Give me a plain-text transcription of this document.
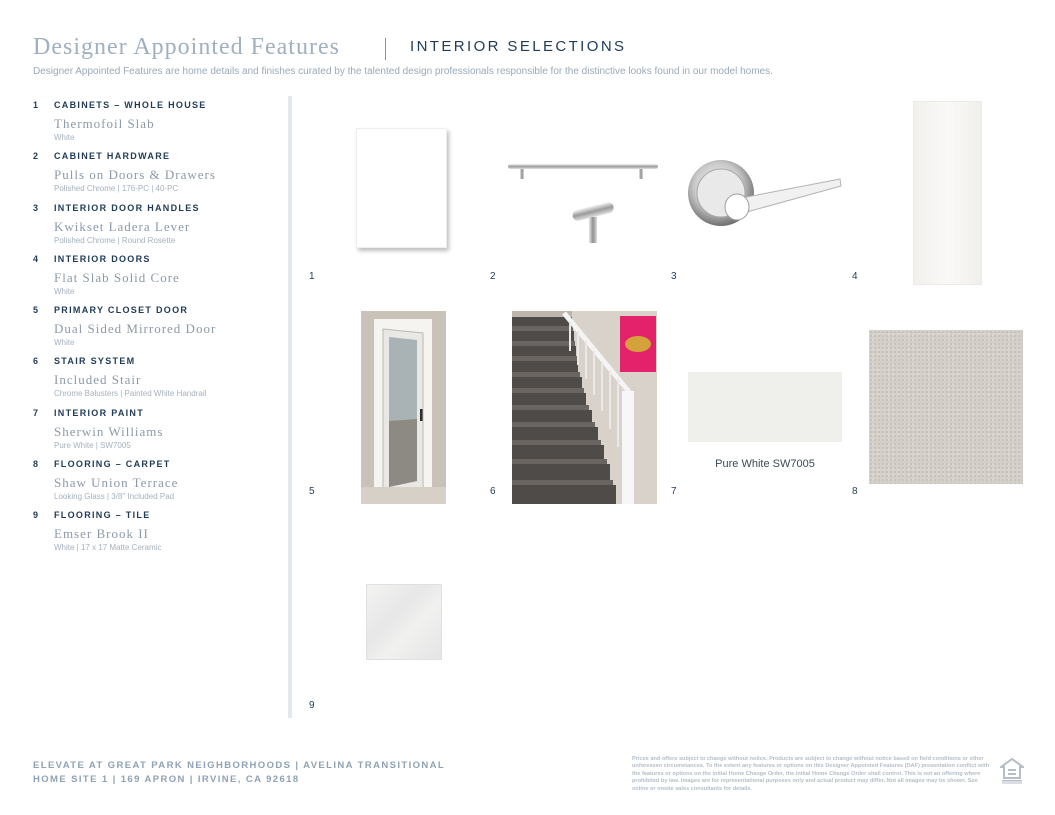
Designer Appointed Features	INTERIOR SELECTIONS
Designer Appointed Features are home details and finishes curated by the talented design professionals responsible for the distinctive looks found in our model homes.
1 CABINETS – WHOLE HOUSE
Thermofoil Slab
White
2 CABINET HARDWARE
Pulls on Doors & Drawers
Polished Chrome | 176-PC | 40-PC
3 INTERIOR DOOR HANDLES
Kwikset Ladera Lever
Polished Chrome | Round Rosette
4 INTERIOR DOORS
Flat Slab Solid Core
White
5 PRIMARY CLOSET DOOR
Dual Sided Mirrored Door
White
6 STAIR SYSTEM
Included Stair
Chrome Balusters | Painted White Handrail
7 INTERIOR PAINT
Sherwin Williams
Pure White | SW7005
8 FLOORING – CARPET
Shaw Union Terrace
Looking Glass | 3/8" Included Pad
9 FLOORING – TILE
Emser Brook II
White | 17 x 17 Matte Ceramic
1	2	3	4
5	6
Pure White SW7005
7	8
9
ELEVATE AT GREAT PARK NEIGHBORHOODS | AVELINA TRANSITIONAL
HOME SITE 1 | 169 APRON | IRVINE, CA 92618
Prices and offers subject to change without notice. Products are subject to change without notice based on field conditions or other unforeseen circumstances. To the extent any features or options on this Designer Appointed Features (DAF) presentation conflict with the features or options on the initial Home Change Order, the initial Home Change Order shall control. This is not an offering where prohibited by law. Images are for representational purposes only and actual product may differ. Not all images may be shown. See online or onsite sales consultants for details.
